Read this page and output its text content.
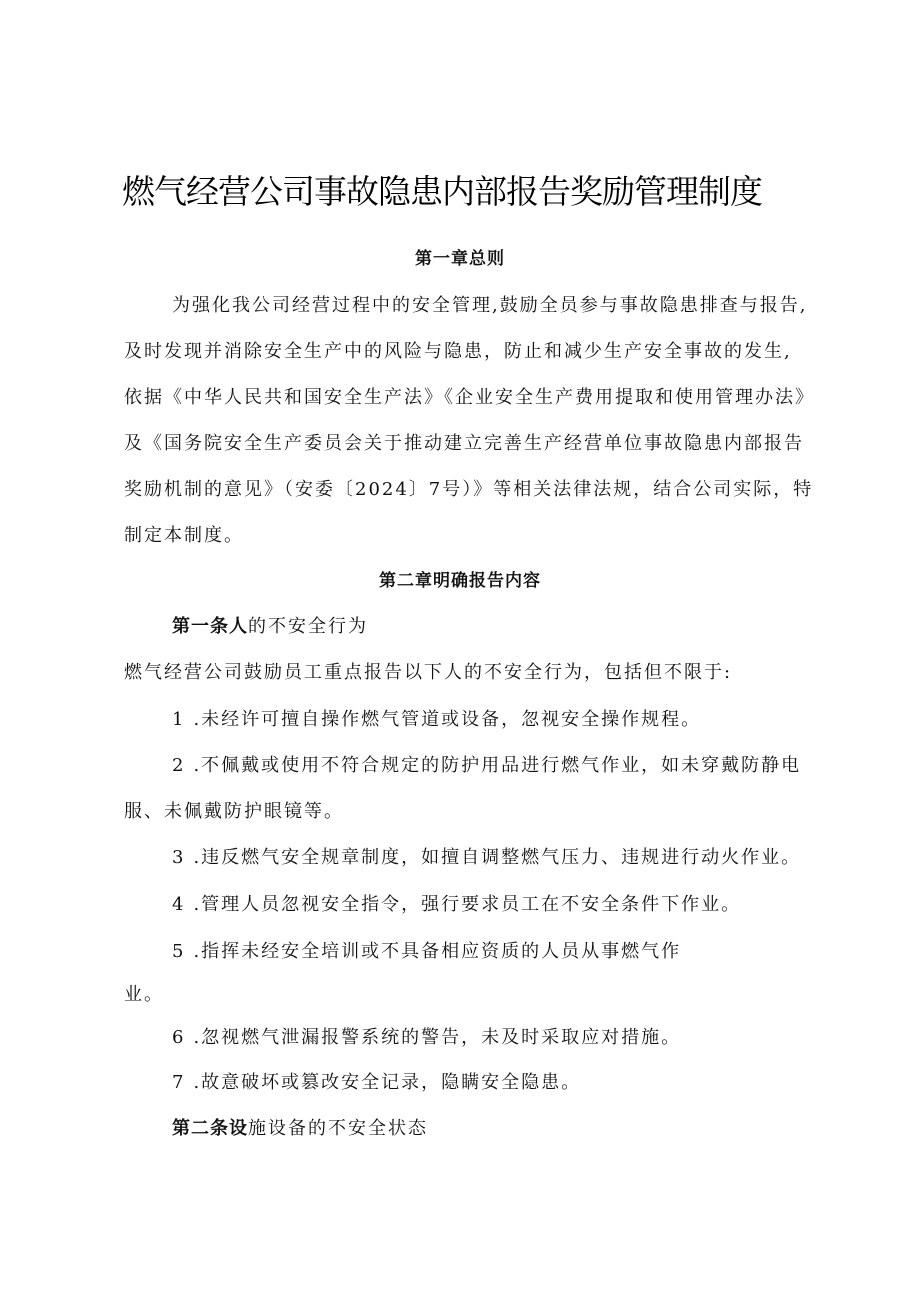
燃气经营公司事故隐患内部报告奖励管理制度
第一章总则
为强化我公司经营过程中的安全管理,鼓励全员参与事故隐患排查与报告,
及时发现并消除安全生产中的风险与隐患，防止和减少生产安全事故的发生,
依据《中华人民共和国安全生产法》《企业安全生产费用提取和使用管理办法》
及《国务院安全生产委员会关于推动建立完善生产经营单位事故隐患内部报告
奖励机制的意见》（安委〔2024〕7号）》等相关法律法规，结合公司实际，特
制定本制度。
第二章明确报告内容
第一条人的不安全行为
燃气经营公司鼓励员工重点报告以下人的不安全行为，包括但不限于:
1 .未经许可擅自操作燃气管道或设备，忽视安全操作规程。
2 .不佩戴或使用不符合规定的防护用品进行燃气作业，如未穿戴防静电
服、未佩戴防护眼镜等。
3 .违反燃气安全规章制度，如擅自调整燃气压力、违规进行动火作业。
4 .管理人员忽视安全指令，强行要求员工在不安全条件下作业。
5 .指挥未经安全培训或不具备相应资质的人员从事燃气作
业。
6 .忽视燃气泄漏报警系统的警告，未及时采取应对措施。
7 .故意破坏或篡改安全记录，隐瞒安全隐患。
第二条设施设备的不安全状态
